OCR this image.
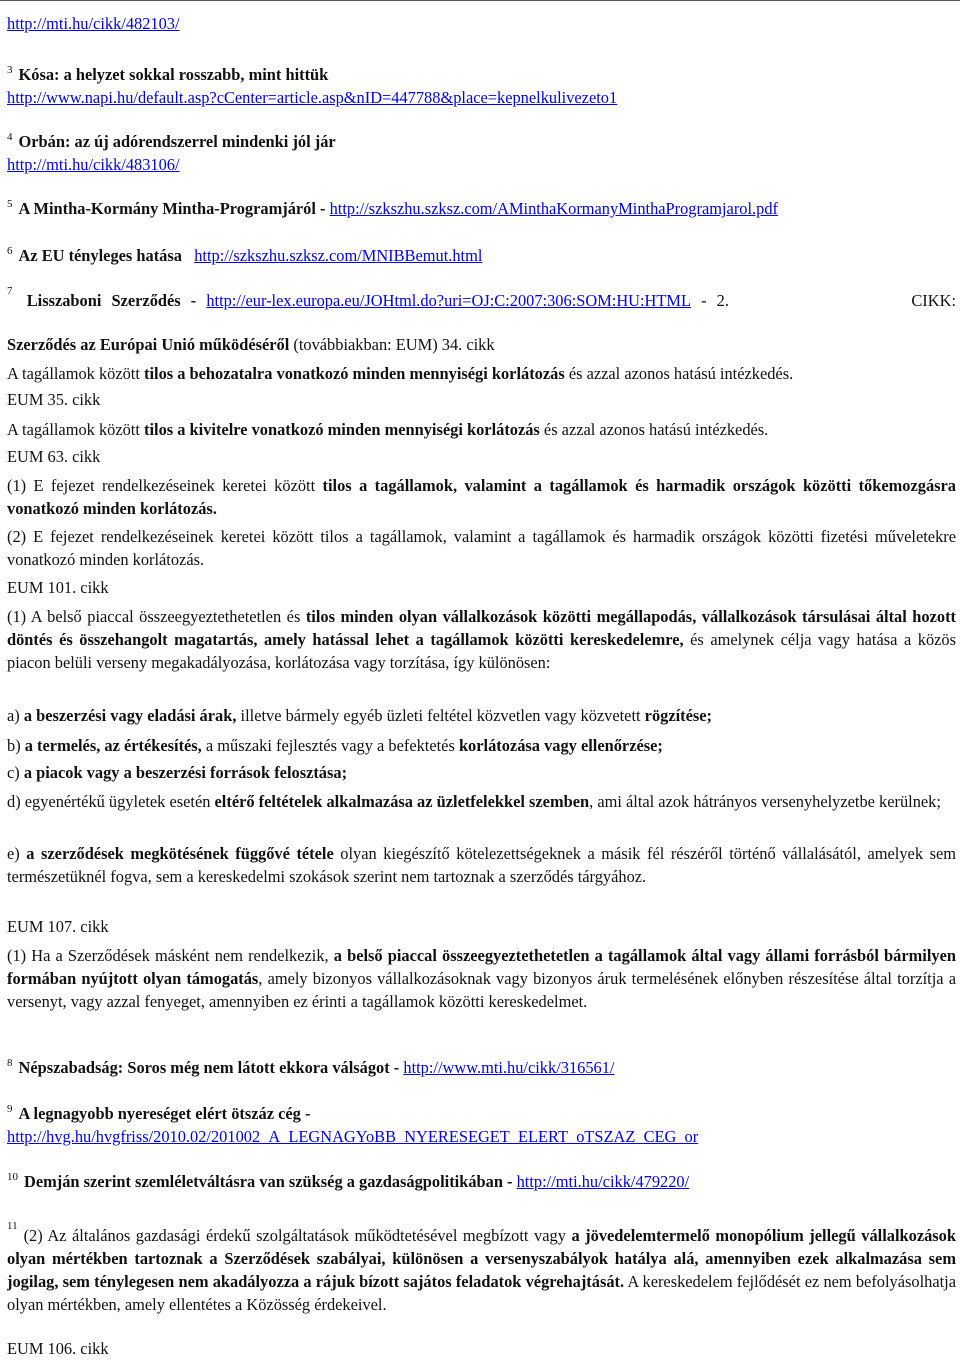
http://mti.hu/cikk/482103/
$^3$ Kósa: a helyzet sokkal rosszabb, mint hittük
http://www.napi.hu/default.asp?cCenter=article.asp&nID=447788&place=kepnelkulivezeto1
$^4$ Orbán: az új adórendszerrel mindenki jól jár
http://mti.hu/cikk/483106/
$^5$ A Mintha-Kormány Mintha-Programjáról - http://szkszhu.szksz.com/AMinthaKormanyMinthaProgramjarol.pdf
$^6$ Az EU tényleges hatása http://szkszhu.szksz.com/MNIBBemut.html
$^7$ Lisszaboni Szerződés - http://eur-lex.europa.eu/JOHtml.do?uri=OJ:C:2007:306:SOM:HU:HTML - 2.	CIKK:
Szerződés az Európai Unió működéséről (továbbiakban: EUM) 34. cikk
A tagállamok között tilos a behozatalra vonatkozó minden mennyiségi korlátozás és azzal azonos hatású intézkedés.
EUM 35. cikk
A tagállamok között tilos a kivitelre vonatkozó minden mennyiségi korlátozás és azzal azonos hatású intézkedés.
EUM 63. cikk
(1) E fejezet rendelkezéseinek keretei között tilos a tagállamok, valamint a tagállamok és harmadik országok közötti tőkemozgásra vonatkozó minden korlátozás.
(2) E fejezet rendelkezéseinek keretei között tilos a tagállamok, valamint a tagállamok és harmadik országok közötti fizetési műveletekre vonatkozó minden korlátozás.
EUM 101. cikk
(1) A belső piaccal összeegyeztethetetlen és tilos minden olyan vállalkozások közötti megállapodás, vállalkozások társulásai által hozott döntés és összehangolt magatartás, amely hatással lehet a tagállamok közötti kereskedelemre, és amelynek célja vagy hatása a közös piacon belüli verseny megakadályozása, korlátozása vagy torzítása, így különösen:
a) a beszerzési vagy eladási árak, illetve bármely egyéb üzleti feltétel közvetlen vagy közvetett rögzítése;
b) a termelés, az értékesítés, a műszaki fejlesztés vagy a befektetés korlátozása vagy ellenőrzése;
c) a piacok vagy a beszerzési források felosztása;
d) egyenértékű ügyletek esetén eltérő feltételek alkalmazása az üzletfelekkel szemben, ami által azok hátrányos versenyhelyzetbe kerülnek;
e) a szerződések megkötésének függővé tétele olyan kiegészítő kötelezettségeknek a másik fél részéről történő vállalásától, amelyek sem természetüknél fogva, sem a kereskedelmi szokások szerint nem tartoznak a szerződés tárgyához.
EUM 107. cikk
(1) Ha a Szerződések másként nem rendelkezik, a belső piaccal összeegyeztethetetlen a tagállamok által vagy állami forrásból bármilyen formában nyújtott olyan támogatás, amely bizonyos vállalkozásoknak vagy bizonyos áruk termelésének előnyben részesítése által torzítja a versenyt, vagy azzal fenyeget, amennyiben ez érinti a tagállamok közötti kereskedelmet.
$^8$ Népszabadság: Soros még nem látott ekkora válságot - http://www.mti.hu/cikk/316561/
$^9$ A legnagyobb nyereséget elért ötszáz cég -
http://hvg.hu/hvgfriss/2010.02/201002_A_LEGNAGYoBB_NYERESEGET_ELERT_oTSZAZ_CEG_or
$^{10}$ Demján szerint szemléletváltásra van szükség a gazdaságpolitikában - http://mti.hu/cikk/479220/
$^{11}$ (2) Az általános gazdasági érdekű szolgáltatások működtetésével megbízott vagy a jövedelemtermelő monopólium jellegű vállalkozások olyan mértékben tartoznak a Szerződések szabályai, különösen a versenyszabályok hatálya alá, amennyiben ezek alkalmazása sem jogilag, sem ténylegesen nem akadályozza a rájuk bízott sajátos feladatok végrehajtását. A kereskedelem fejlődését ez nem befolyásolhatja olyan mértékben, amely ellentétes a Közösség érdekeivel.
EUM 106. cikk
